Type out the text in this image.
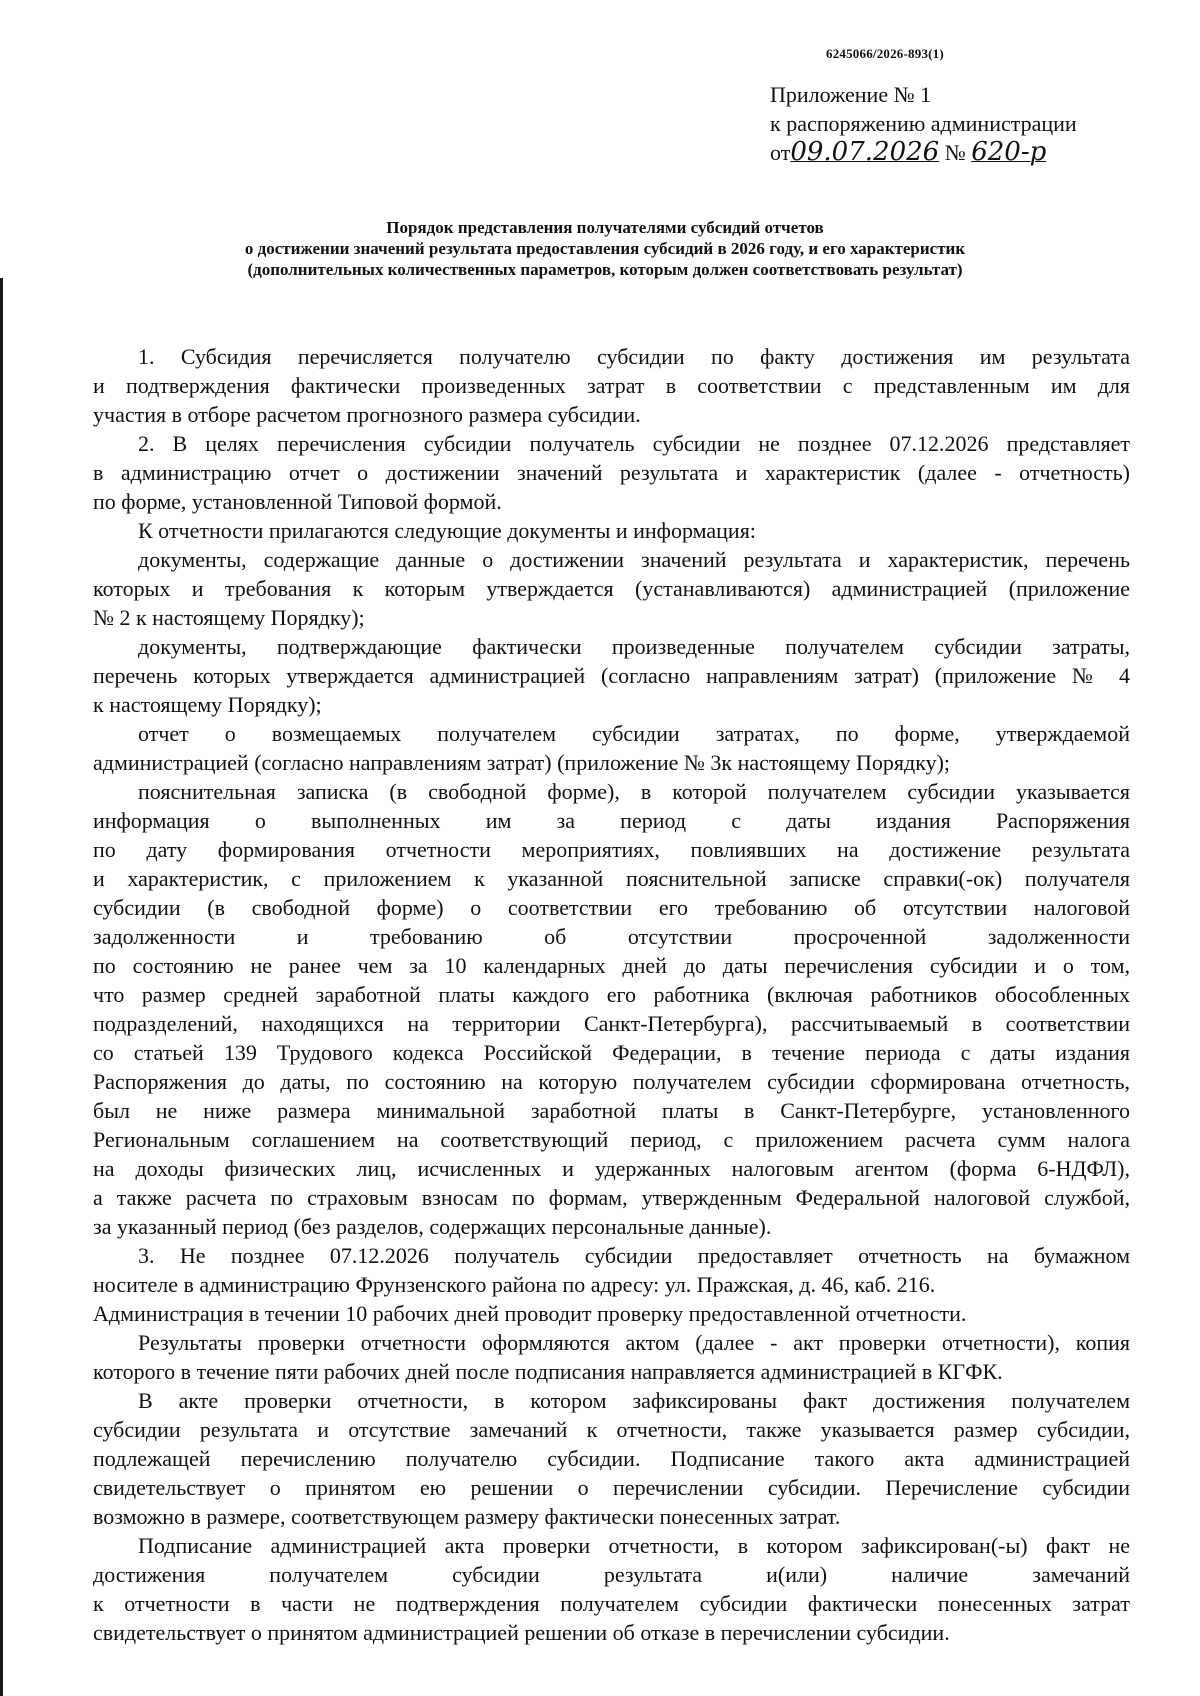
6245066/2026-893(1)
Приложение № 1
к распоряжению администрации
от09.07.2026 № 620-р
Порядок представления получателями субсидий отчетов
о достижении значений результата предоставления субсидий в 2026 году, и его характеристик
(дополнительных количественных параметров, которым должен соответствовать результат)

1. Субсидия перечисляется получателю субсидии по факту достижения им результата

и подтверждения фактически произведенных затрат в соответствии с представленным им для

участия в отборе расчетом прогнозного размера субсидии.

2. В целях перечисления субсидии получатель субсидии не позднее 07.12.2026 представляет

в администрацию отчет о достижении значений результата и характеристик (далее - отчетность)

по форме, установленной Типовой формой.

К отчетности прилагаются следующие документы и информация:

документы, содержащие данные о достижении значений результата и характеристик, перечень

которых и требования к которым утверждается (устанавливаются) администрацией (приложение

№ 2 к настоящему Порядку);

документы, подтверждающие фактически произведенные получателем субсидии затраты,

перечень которых утверждается администрацией (согласно направлениям затрат) (приложение № 4

к настоящему Порядку);

отчет о возмещаемых получателем субсидии затратах, по форме, утверждаемой

администрацией (согласно направлениям затрат) (приложение № 3к настоящему Порядку);

пояснительная записка (в свободной форме), в которой получателем субсидии указывается

информация о выполненных им за период с даты издания Распоряжения

по дату формирования отчетности мероприятиях, повлиявших на достижение результата

и характеристик, с приложением к указанной пояснительной записке справки(-ок) получателя

субсидии (в свободной форме) о соответствии его требованию об отсутствии налоговой

задолженности и требованию об отсутствии просроченной задолженности

по состоянию не ранее чем за 10 календарных дней до даты перечисления субсидии и о том,

что размер средней заработной платы каждого его работника (включая работников обособленных

подразделений, находящихся на территории Санкт-Петербурга), рассчитываемый в соответствии

со статьей 139 Трудового кодекса Российской Федерации, в течение периода с даты издания

Распоряжения до даты, по состоянию на которую получателем субсидии сформирована отчетность,

был не ниже размера минимальной заработной платы в Санкт-Петербурге, установленного

Региональным соглашением на соответствующий период, с приложением расчета сумм налога

на доходы физических лиц, исчисленных и удержанных налоговым агентом (форма 6-НДФЛ),

а также расчета по страховым взносам по формам, утвержденным Федеральной налоговой службой,

за указанный период (без разделов, содержащих персональные данные).

3. Не позднее 07.12.2026 получатель субсидии предоставляет отчетность на бумажном

носителе в администрацию Фрунзенского района по адресу: ул. Пражская, д. 46, каб. 216.

Администрация в течении 10 рабочих дней проводит проверку предоставленной отчетности.

Результаты проверки отчетности оформляются актом (далее - акт проверки отчетности), копия

которого в течение пяти рабочих дней после подписания направляется администрацией в КГФК.

В акте проверки отчетности, в котором зафиксированы факт достижения получателем

субсидии результата и отсутствие замечаний к отчетности, также указывается размер субсидии,

подлежащей перечислению получателю субсидии. Подписание такого акта администрацией

свидетельствует о принятом ею решении о перечислении субсидии. Перечисление субсидии

возможно в размере, соответствующем размеру фактически понесенных затрат.

Подписание администрацией акта проверки отчетности, в котором зафиксирован(-ы) факт не

достижения получателем субсидии результата и(или) наличие замечаний

к отчетности в части не подтверждения получателем субсидии фактически понесенных затрат

свидетельствует о принятом администрацией решении об отказе в перечислении субсидии.
